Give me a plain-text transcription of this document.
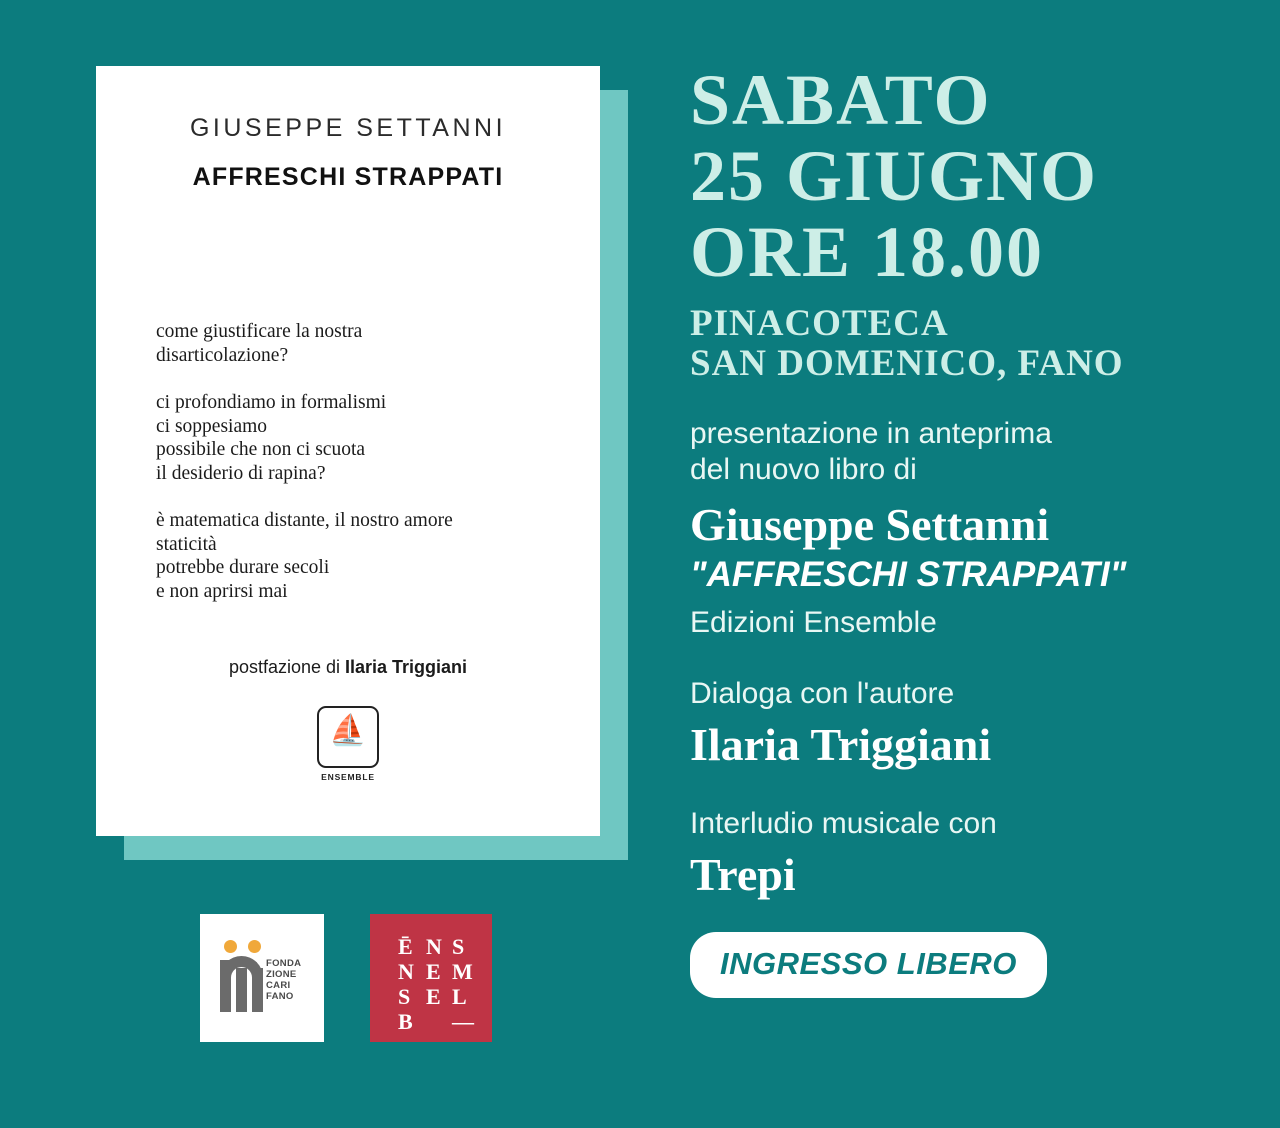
GIUSEPPE SETTANNI
AFFRESCHI STRAPPATI
come giustificare la nostra
disarticolazione?
ci profondiamo in formalismi
ci soppesiamo
possibile che non ci scuota
il desiderio di rapina?
è matematica distante, il nostro amore
staticità
potrebbe durare secoli
e non aprirsi mai
postfazione di Ilaria Triggiani
⛵
ENSEMBLE
FONDA
ZIONE
CARI
FANO
Ē
N
S
B
N
E
E
S
M
L
—
SABATO
25 GIUGNO
ORE 18.00
PINACOTECA
SAN DOMENICO, FANO
presentazione in anteprima
del nuovo libro di
Giuseppe Settanni
"AFFRESCHI STRAPPATI"
Edizioni Ensemble
Dialoga con l'autore
Ilaria Triggiani
Interludio musicale con
Trepi
INGRESSO LIBERO
